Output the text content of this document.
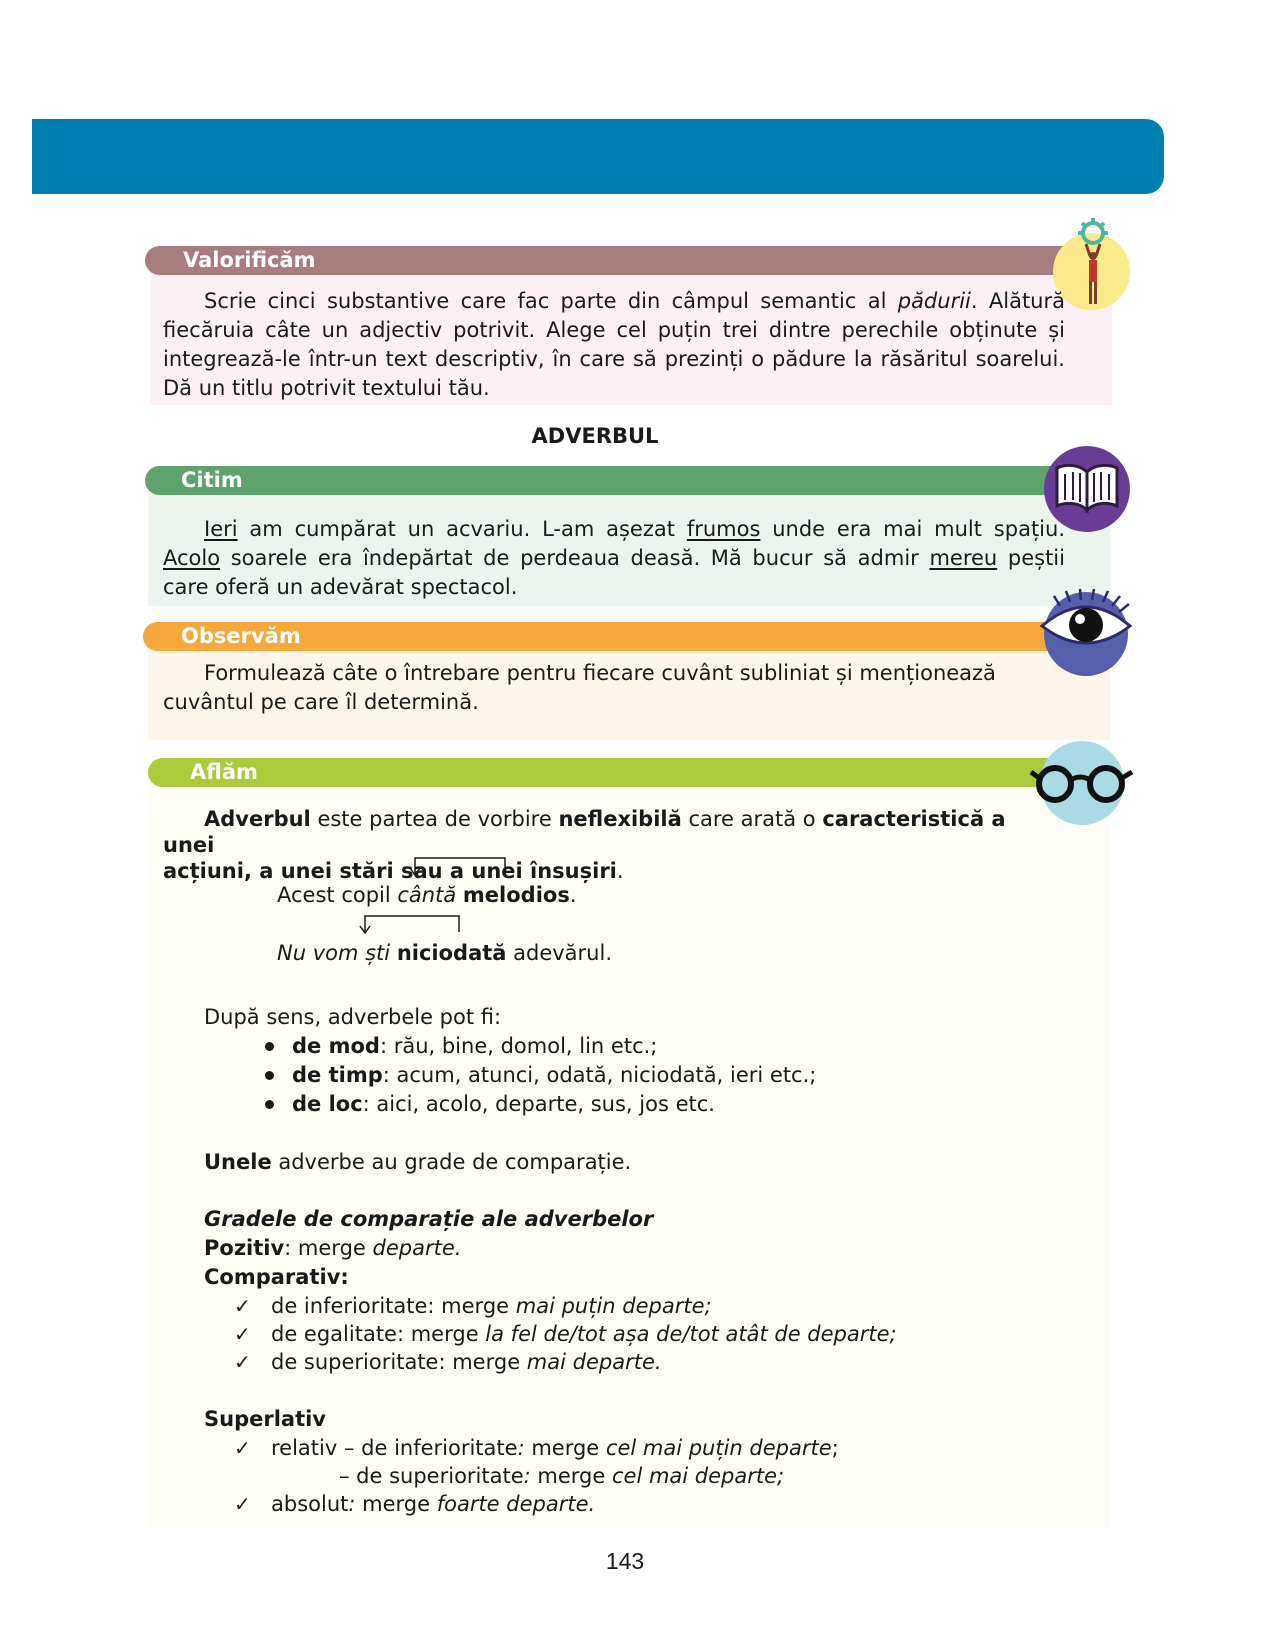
Valorificăm
Scrie cinci substantive care fac parte din câmpul semantic al pădurii. Alătură fiecăruia câte un adjectiv potrivit. Alege cel puțin trei dintre perechile obținute și integrează-le într-un text descriptiv, în care să prezinți o pădure la răsăritul soarelui. Dă un titlu potrivit textului tău.
ADVERBUL
Citim
Ieri am cumpărat un acvariu. L-am așezat frumos unde era mai mult spațiu. Acolo soarele era îndepărtat de perdeaua deasă. Mă bucur să admir mereu peștii care oferă un adevărat spectacol.
Observăm
Formulează câte o întrebare pentru fiecare cuvânt subliniat și menționează cuvântul pe care îl determină.
Aflăm
Adverbul este partea de vorbire neflexibilă care arată o caracteristică a unei
acțiuni, a unei stări sau a unei însușiri.
Acest copil cântă melodios.
Nu vom ști niciodată adevărul.
După sens, adverbele pot fi:
de mod: rău, bine, domol, lin etc.;
de timp: acum, atunci, odată, niciodată, ieri etc.;
de loc: aici, acolo, departe, sus, jos etc.
Unele adverbe au grade de comparație.
Gradele de comparație ale adverbelor
Pozitiv: merge departe.
Comparativ:
✓ de inferioritate: merge mai puțin departe;
✓ de egalitate: merge la fel de/tot așa de/tot atât de departe;
✓ de superioritate: merge mai departe.
Superlativ
✓ relativ – de inferioritate: merge cel mai puțin departe;
– de superioritate: merge cel mai departe;
✓ absolut: merge foarte departe.
143
